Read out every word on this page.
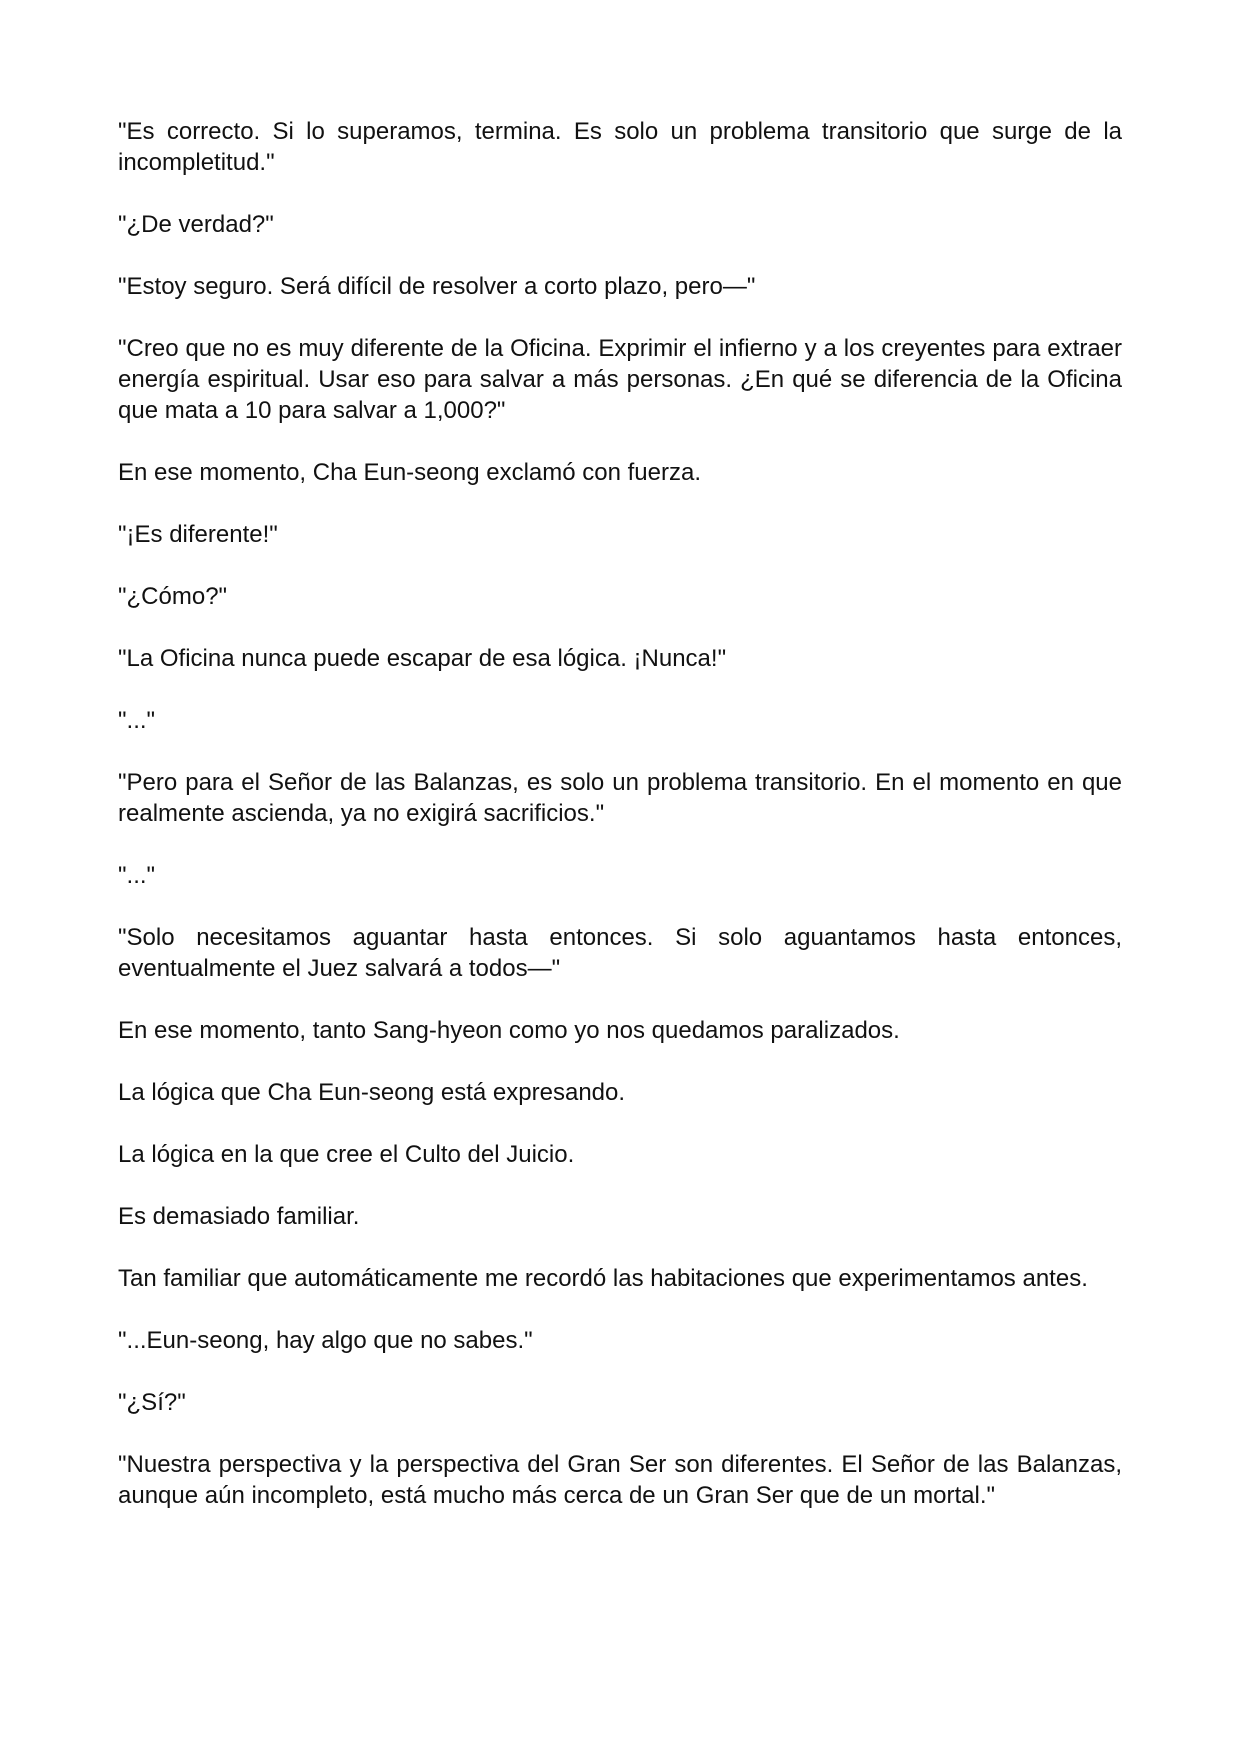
"Es correcto. Si lo superamos, termina. Es solo un problema transitorio que surge de la incompletitud."

"¿De verdad?"

"Estoy seguro. Será difícil de resolver a corto plazo, pero—"

"Creo que no es muy diferente de la Oficina. Exprimir el infierno y a los creyentes para extraer energía espiritual. Usar eso para salvar a más personas. ¿En qué se diferencia de la Oficina que mata a 10 para salvar a 1,000?"

En ese momento, Cha Eun-seong exclamó con fuerza.

"¡Es diferente!"

"¿Cómo?"

"La Oficina nunca puede escapar de esa lógica. ¡Nunca!"

"..."

"Pero para el Señor de las Balanzas, es solo un problema transitorio. En el momento en que realmente ascienda, ya no exigirá sacrificios."

"..."

"Solo necesitamos aguantar hasta entonces. Si solo aguantamos hasta entonces, eventualmente el Juez salvará a todos—"

En ese momento, tanto Sang-hyeon como yo nos quedamos paralizados.

La lógica que Cha Eun-seong está expresando.

La lógica en la que cree el Culto del Juicio.

Es demasiado familiar.

Tan familiar que automáticamente me recordó las habitaciones que experimentamos antes.

"...Eun-seong, hay algo que no sabes."

"¿Sí?"

"Nuestra perspectiva y la perspectiva del Gran Ser son diferentes. El Señor de las Balanzas, aunque aún incompleto, está mucho más cerca de un Gran Ser que de un mortal."
